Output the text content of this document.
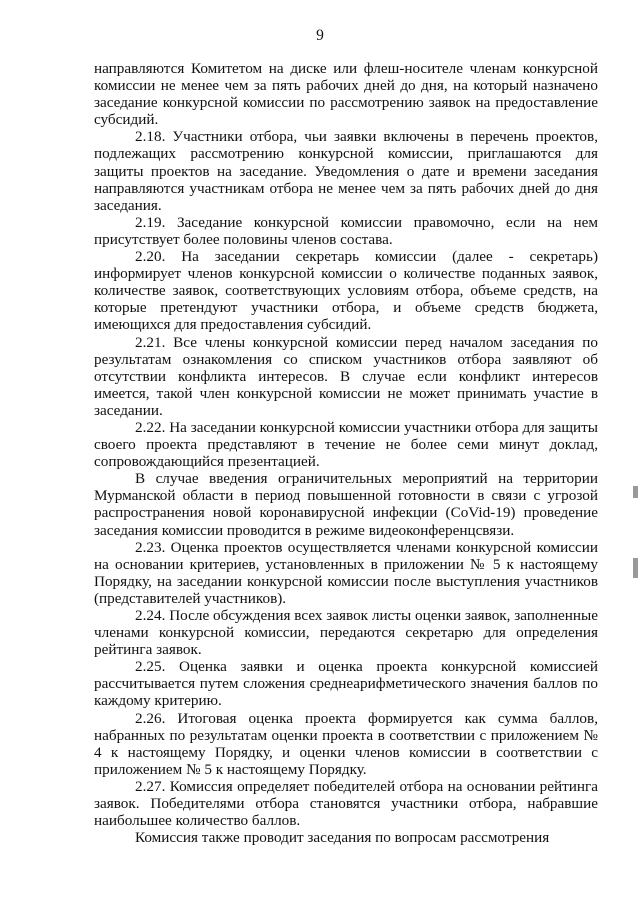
9

направляются Комитетом на диске или флеш-носителе членам конкурсной комиссии не менее чем за пять рабочих дней до дня, на который назначено заседание конкурсной комиссии по рассмотрению заявок на предоставление субсидий.

2.18. Участники отбора, чьи заявки включены в перечень проектов, подлежащих рассмотрению конкурсной комиссии, приглашаются для защиты проектов на заседание. Уведомления о дате и времени заседания направляются участникам отбора не менее чем за пять рабочих дней до дня заседания.

2.19. Заседание конкурсной комиссии правомочно, если на нем присутствует более половины членов состава.

2.20. На заседании секретарь комиссии (далее - секретарь) информирует членов конкурсной комиссии о количестве поданных заявок, количестве заявок, соответствующих условиям отбора, объеме средств, на которые претендуют участники отбора, и объеме средств бюджета, имеющихся для предоставления субсидий.

2.21. Все члены конкурсной комиссии перед началом заседания по результатам ознакомления со списком участников отбора заявляют об отсутствии конфликта интересов. В случае если конфликт интересов имеется, такой член конкурсной комиссии не может принимать участие в заседании.

2.22. На заседании конкурсной комиссии участники отбора для защиты своего проекта представляют в течение не более семи минут доклад, сопровождающийся презентацией.

В случае введения ограничительных мероприятий на территории Мурманской области в период повышенной готовности в связи с угрозой распространения новой коронавирусной инфекции (CoVid-19) проведение заседания комиссии проводится в режиме видеоконференцсвязи.

2.23. Оценка проектов осуществляется членами конкурсной комиссии на основании критериев, установленных в приложении № 5 к настоящему Порядку, на заседании конкурсной комиссии после выступления участников (представителей участников).

2.24. После обсуждения всех заявок листы оценки заявок, заполненные членами конкурсной комиссии, передаются секретарю для определения рейтинга заявок.

2.25. Оценка заявки и оценка проекта конкурсной комиссией рассчитывается путем сложения среднеарифметического значения баллов по каждому критерию.

2.26. Итоговая оценка проекта формируется как сумма баллов, набранных по результатам оценки проекта в соответствии с приложением № 4 к настоящему Порядку, и оценки членов комиссии в соответствии с приложением № 5 к настоящему Порядку.

2.27. Комиссия определяет победителей отбора на основании рейтинга заявок. Победителями отбора становятся участники отбора, набравшие наибольшее количество баллов.

Комиссия также проводит заседания по вопросам рассмотрения
